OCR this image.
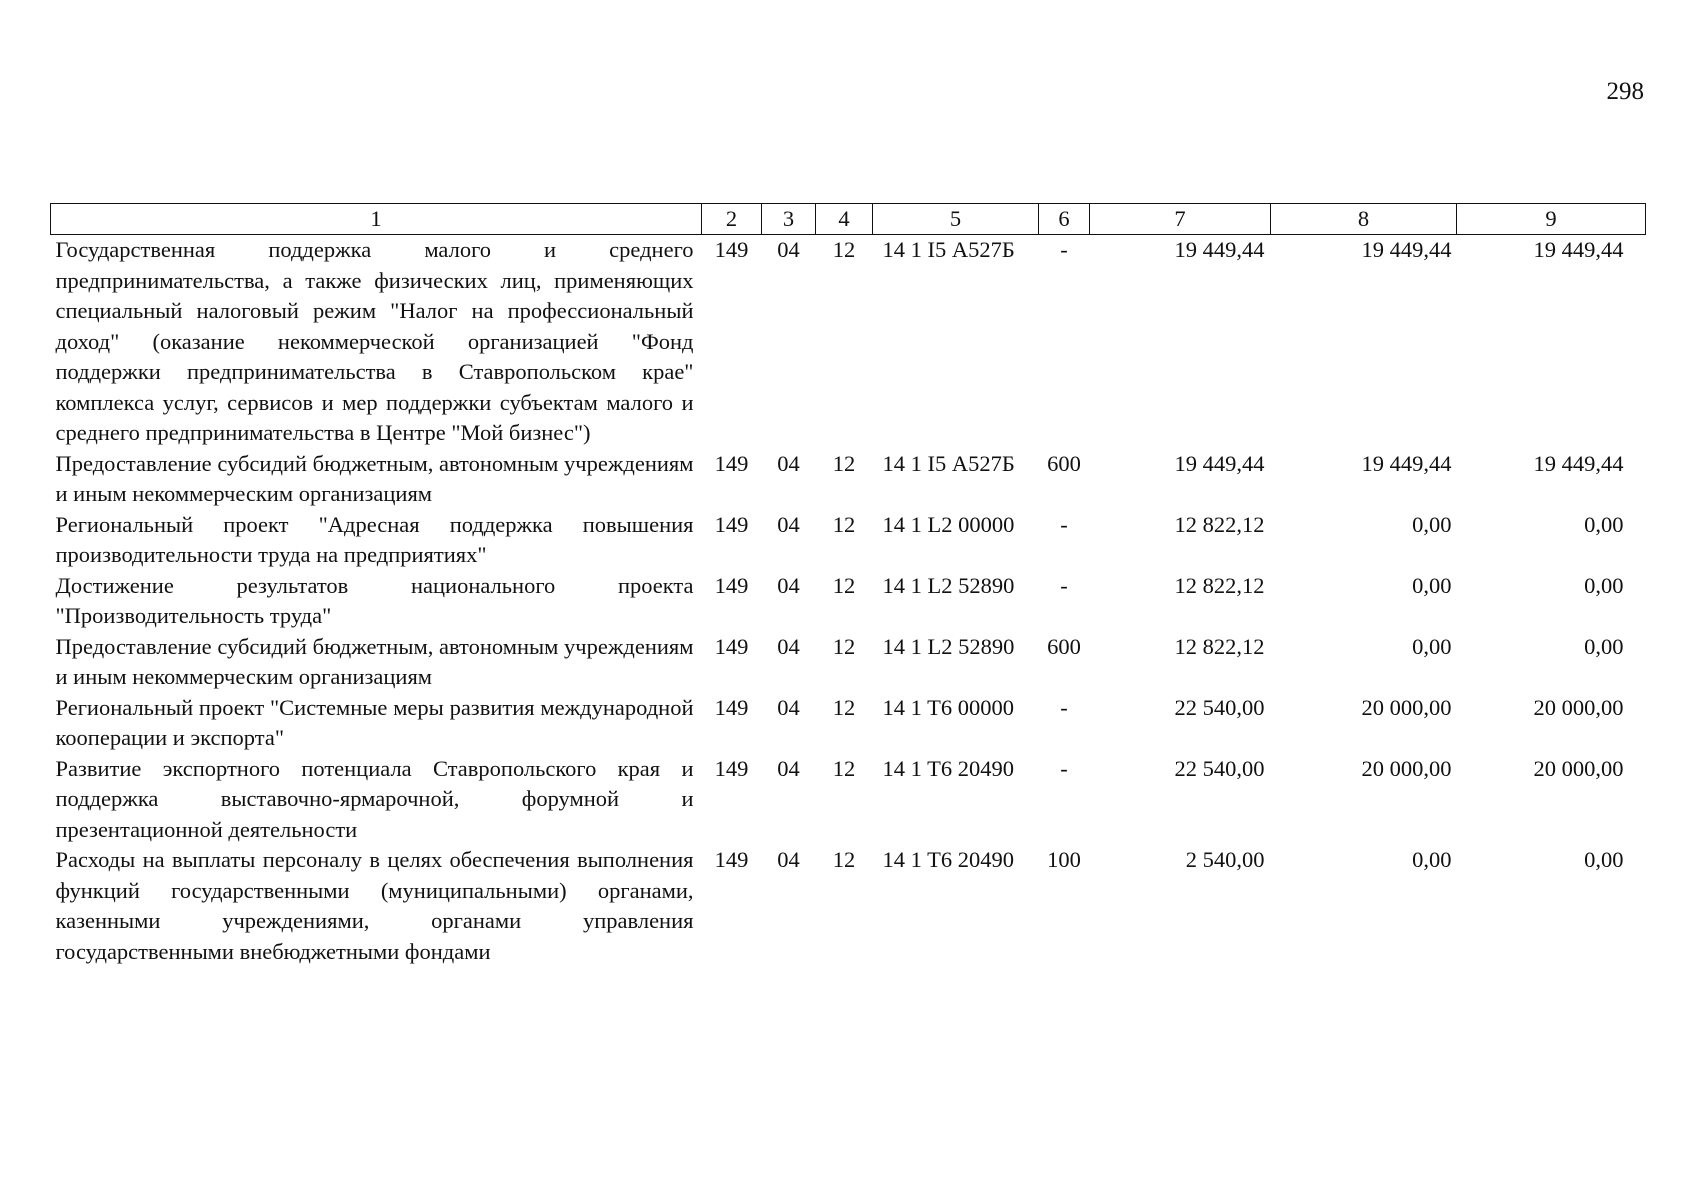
298
1	2	3	4	5	6	7	8	9
Государственная поддержка малого и среднего предпринимательства, а также физических лиц, применяющих специальный налоговый режим "Налог на профессиональный доход" (оказание некоммерческой организацией "Фонд поддержки предпринимательства в Ставропольском крае" комплекса услуг, сервисов и мер поддержки субъектам малого и среднего предпринимательства в Центре "Мой бизнес")	149	04	12	14 1 I5 А527Б	-	19 449,44	19 449,44	19 449,44
Предоставление субсидий бюджетным, автономным учреждениям и иным некоммерческим организациям	149	04	12	14 1 I5 А527Б	600	19 449,44	19 449,44	19 449,44
Региональный проект "Адресная поддержка повышения производительности труда на предприятиях"	149	04	12	14 1 L2 00000	-	12 822,12	0,00	0,00
Достижение результатов национального проекта "Производительность труда"	149	04	12	14 1 L2 52890	-	12 822,12	0,00	0,00
Предоставление субсидий бюджетным, автономным учреждениям и иным некоммерческим организациям	149	04	12	14 1 L2 52890	600	12 822,12	0,00	0,00
Региональный проект "Системные меры развития международной кооперации и экспорта"	149	04	12	14 1 T6 00000	-	22 540,00	20 000,00	20 000,00
Развитие экспортного потенциала Ставропольского края и поддержка выставочно-ярмарочной, форумной и презентационной деятельности	149	04	12	14 1 T6 20490	-	22 540,00	20 000,00	20 000,00
Расходы на выплаты персоналу в целях обеспечения выполнения функций государственными (муниципальными) органами, казенными учреждениями, органами управления государственными внебюджетными фондами	149	04	12	14 1 T6 20490	100	2 540,00	0,00	0,00
